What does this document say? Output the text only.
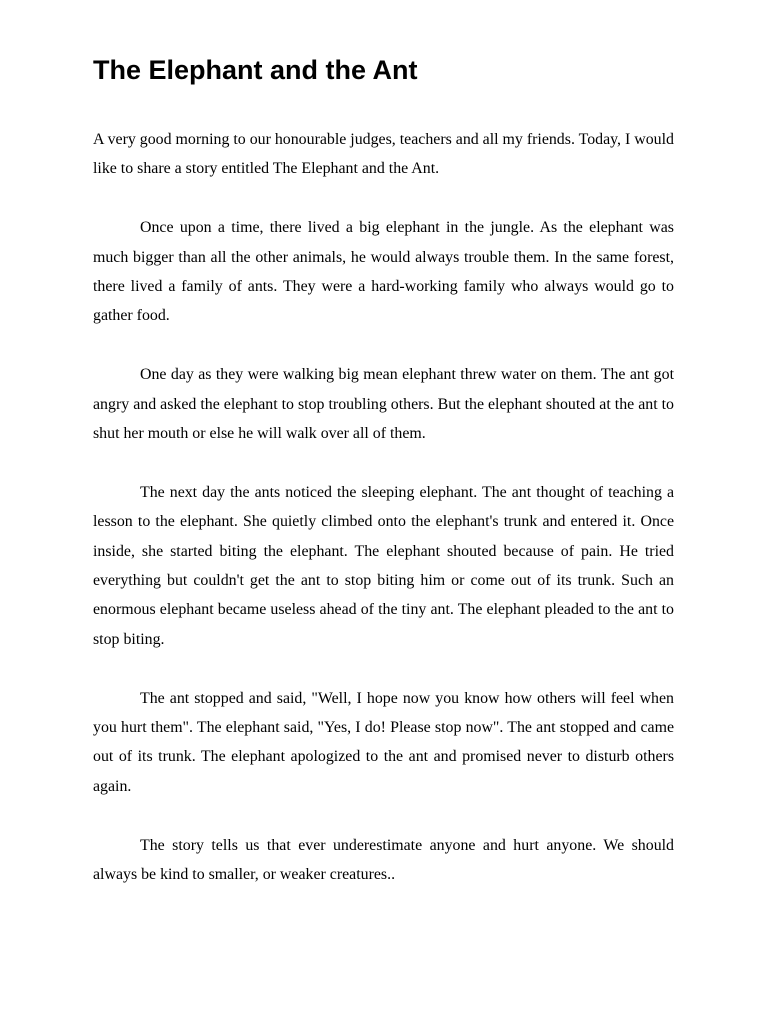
The Elephant and the Ant

A very good morning to our honourable judges, teachers and all my friends. Today, I would like to share a story entitled The Elephant and the Ant.

Once upon a time, there lived a big elephant in the jungle. As the elephant was much bigger than all the other animals, he would always trouble them. In the same forest, there lived a family of ants. They were a hard-working family who always would go to gather food.

One day as they were walking big mean elephant threw water on them. The ant got angry and asked the elephant to stop troubling others. But the elephant shouted at the ant to shut her mouth or else he will walk over all of them.

The next day the ants noticed the sleeping elephant. The ant thought of teaching a lesson to the elephant. She quietly climbed onto the elephant's trunk and entered it. Once inside, she started biting the elephant. The elephant shouted because of pain. He tried everything but couldn't get the ant to stop biting him or come out of its trunk. Such an enormous elephant became useless ahead of the tiny ant. The elephant pleaded to the ant to stop biting.

The ant stopped and said, "Well, I hope now you know how others will feel when you hurt them". The elephant said, "Yes, I do! Please stop now". The ant stopped and came out of its trunk. The elephant apologized to the ant and promised never to disturb others again.

The story tells us that ever underestimate anyone and hurt anyone. We should always be kind to smaller, or weaker creatures..
